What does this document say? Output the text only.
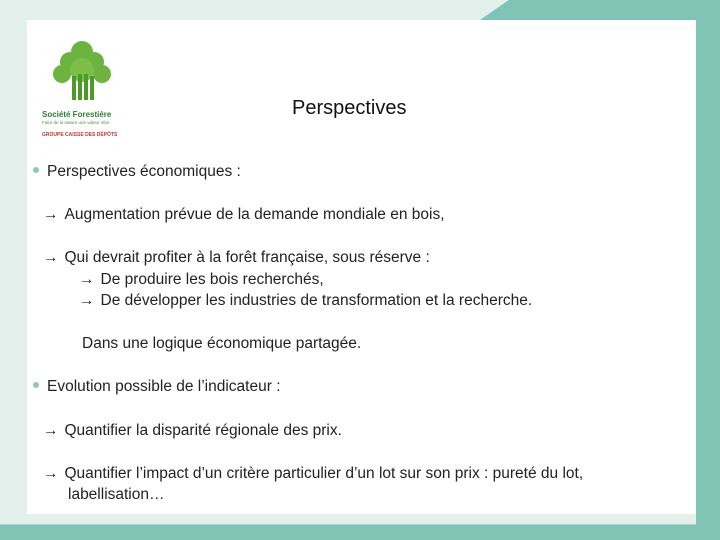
Société Forestière
Faire de la nature une valeur sûre
GROUPE CAISSE DES DÉPÔTS
Perspectives
Perspectives économiques :
→ Augmentation prévue de la demande mondiale en bois,
→ Qui devrait profiter à la forêt française, sous réserve :
→ De produire les bois recherchés,
→ De développer les industries de transformation et la recherche.
Dans une logique économique partagée.
Evolution possible de l’indicateur :
→ Quantifier la disparité régionale des prix.
→ Quantifier l’impact d’un critère particulier d’un lot sur son prix : pureté du lot,
labellisation…
